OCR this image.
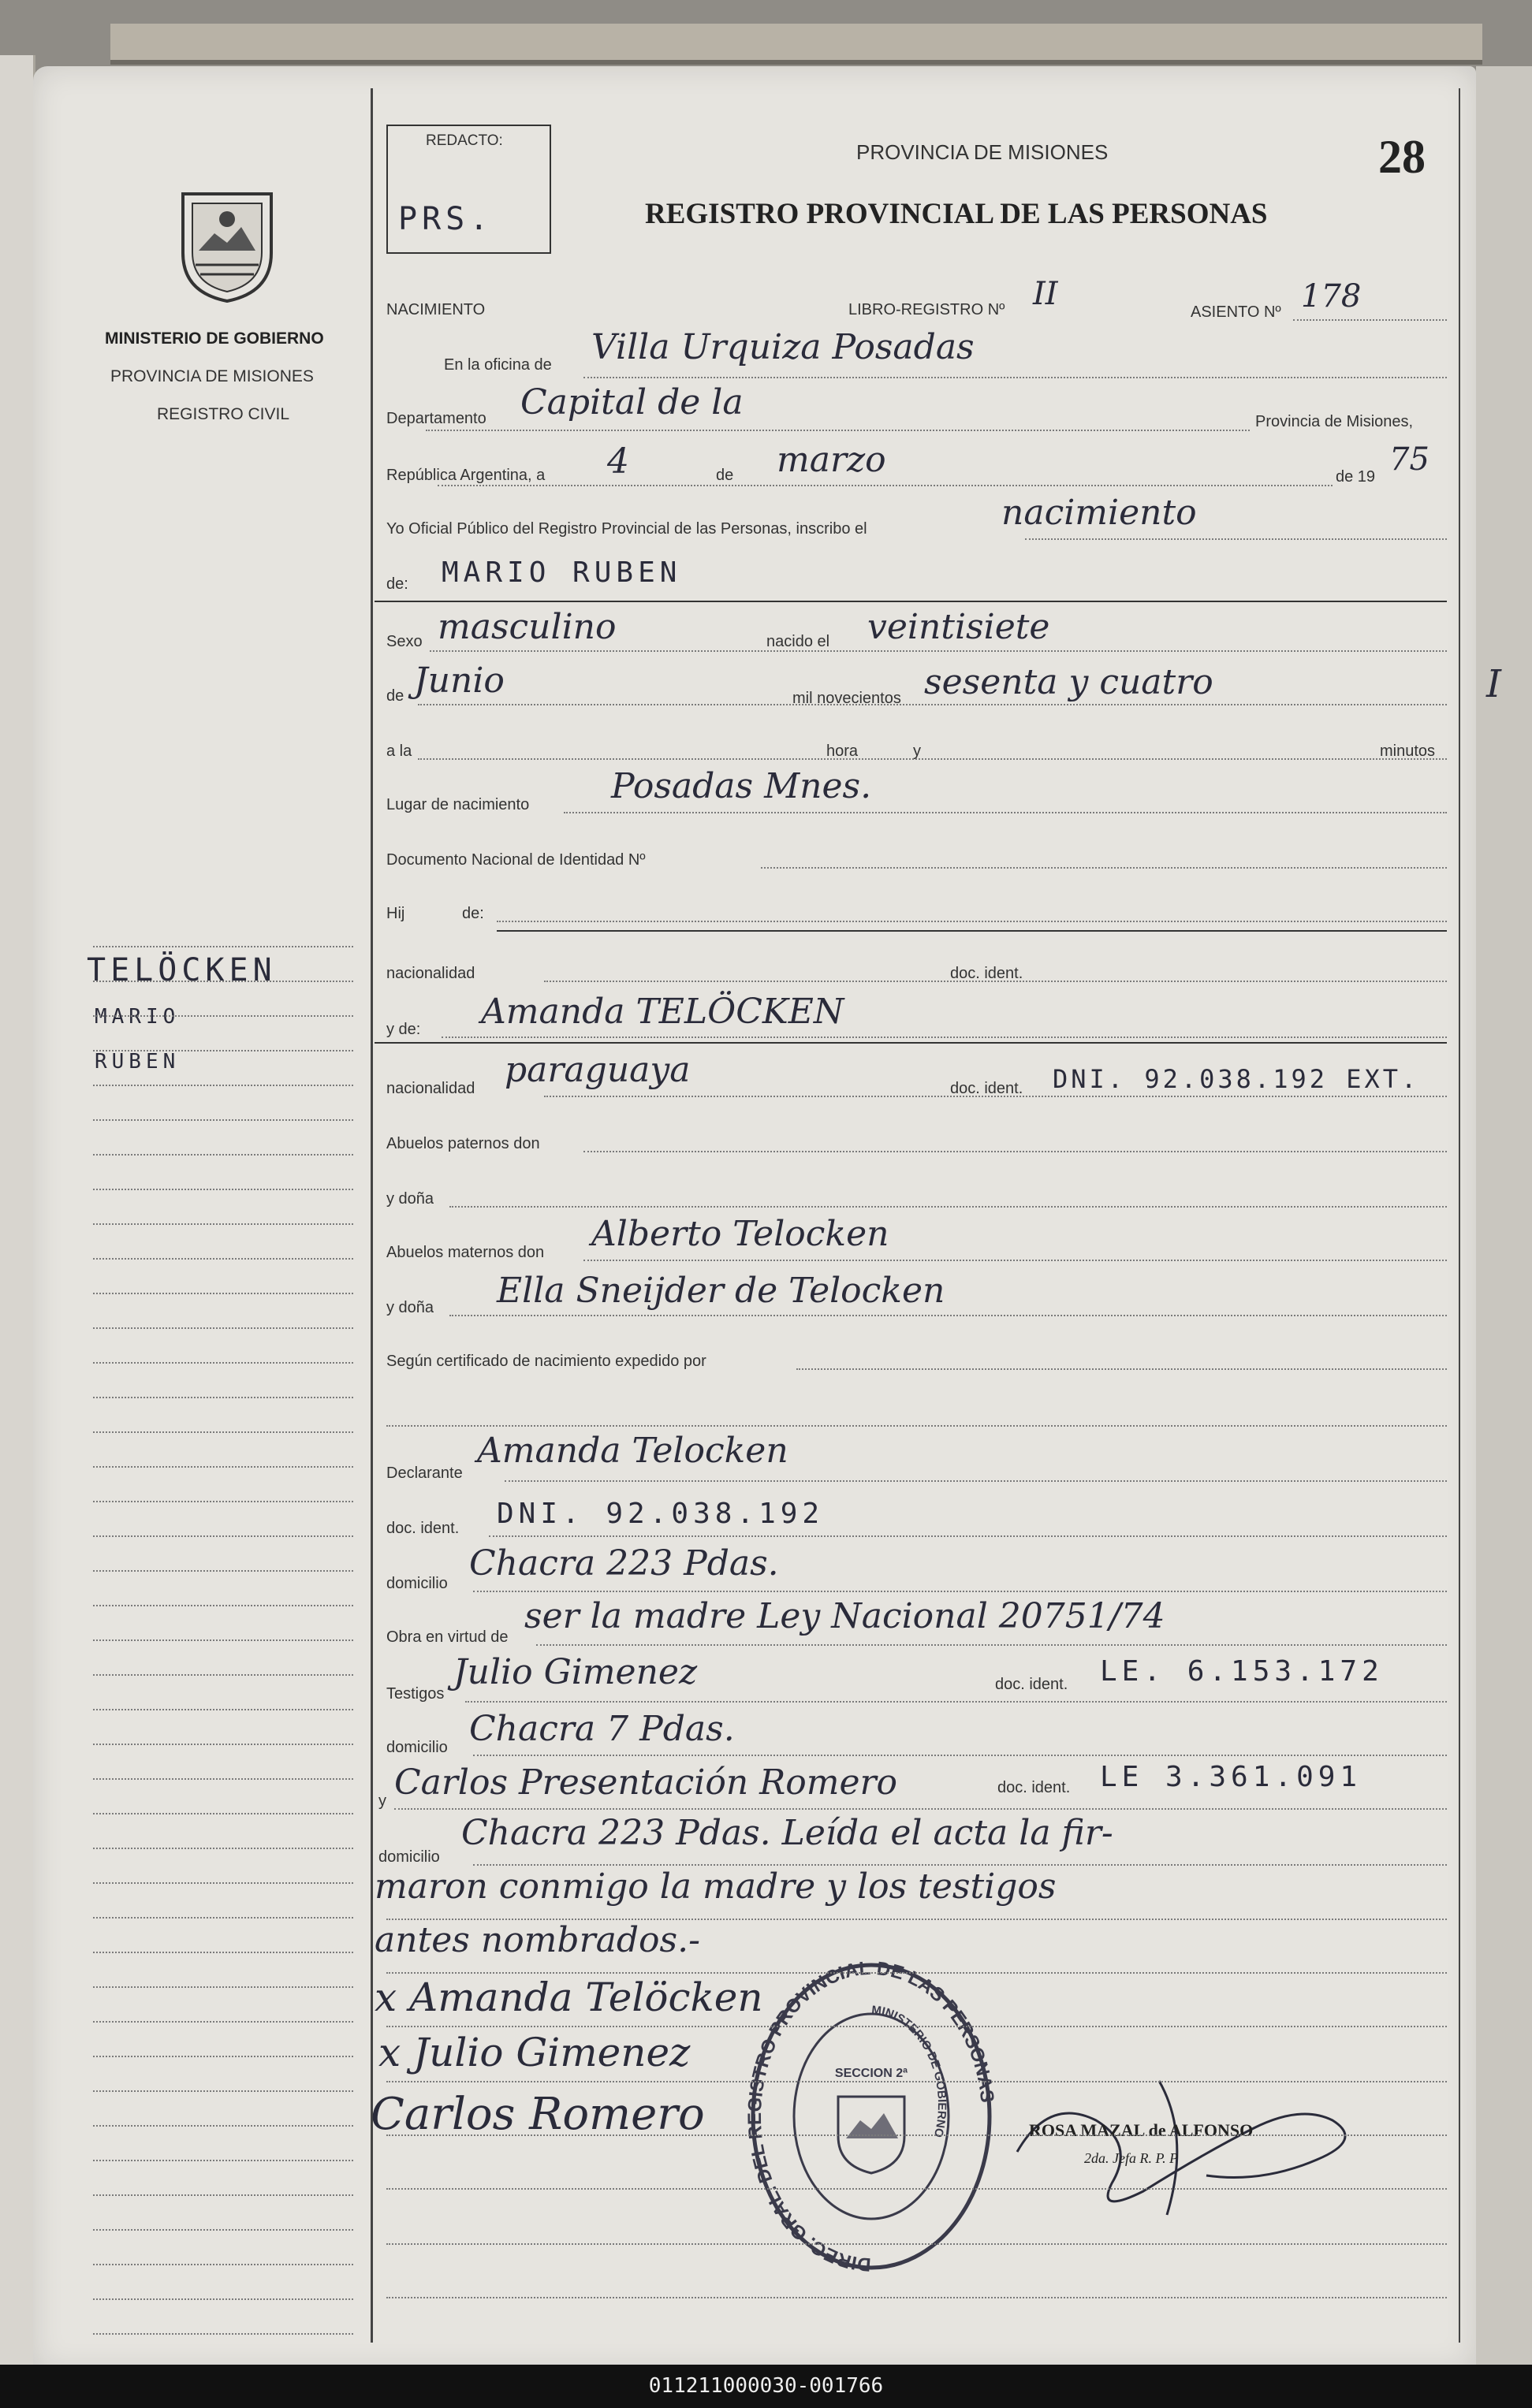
MINISTERIO DE GOBIERNO
PROVINCIA DE MISIONES
REGISTRO CIVIL
TELÖCKEN
MARIO
RUBEN
REDACTO:
PRS.
PROVINCIA DE MISIONES
REGISTRO PROVINCIAL DE LAS PERSONAS
28
NACIMIENTO	LIBRO-REGISTRO Nº II	ASIENTO Nº 178
En la oficina de Villa Urquiza Posadas
Departamento Capital de la	Provincia de Misiones,
República Argentina, a 4	de marzo	de 19 75
Yo Oficial Público del Registro Provincial de las Personas, inscribo el	nacimiento
de: MARIO RUBEN
Sexo masculino	nacido el veintisiete
de Junio	mil novecientos sesenta y cuatro	I
a la	hora	y	minutos
Lugar de nacimiento Posadas Mnes.
Documento Nacional de Identidad Nº
Hij	de:
nacionalidad	doc. ident.
y de: Amanda TELÖCKEN
nacionalidad paraguaya	doc. ident. DNI. 92.038.192 EXT.
Abuelos paternos don
y doña
Abuelos maternos don Alberto Telocken
y doña Ella Sneijder de Telocken
Según certificado de nacimiento expedido por
Declarante
Amanda Telocken
doc. ident. DNI. 92.038.192
domicilio Chacra 223 Pdas.
Obra en virtud de
ser la madre Ley Nacional 20751/74
Testigos
Julio Gimenez	doc. ident. LE. 6.153.172
domicilio Chacra 7 Pdas.
y Carlos Presentación Romero	doc. ident. LE 3.361.091
domicilio
Chacra 223 Pdas. Leída el acta la fir-
maron conmigo la madre y los testigos
antes nombrados.-
x Amanda Telöcken
x Julio Gimenez
Carlos Romero
DIREC. GRAL. DEL REGISTRO PROVINCIAL DE LAS PERSONAS
MINISTERIO DE GOBIERNO
SECCION 2ª
ROSA MAZAL de ALFONSO
2da. Jefa R. P. P
011211000030-001766
